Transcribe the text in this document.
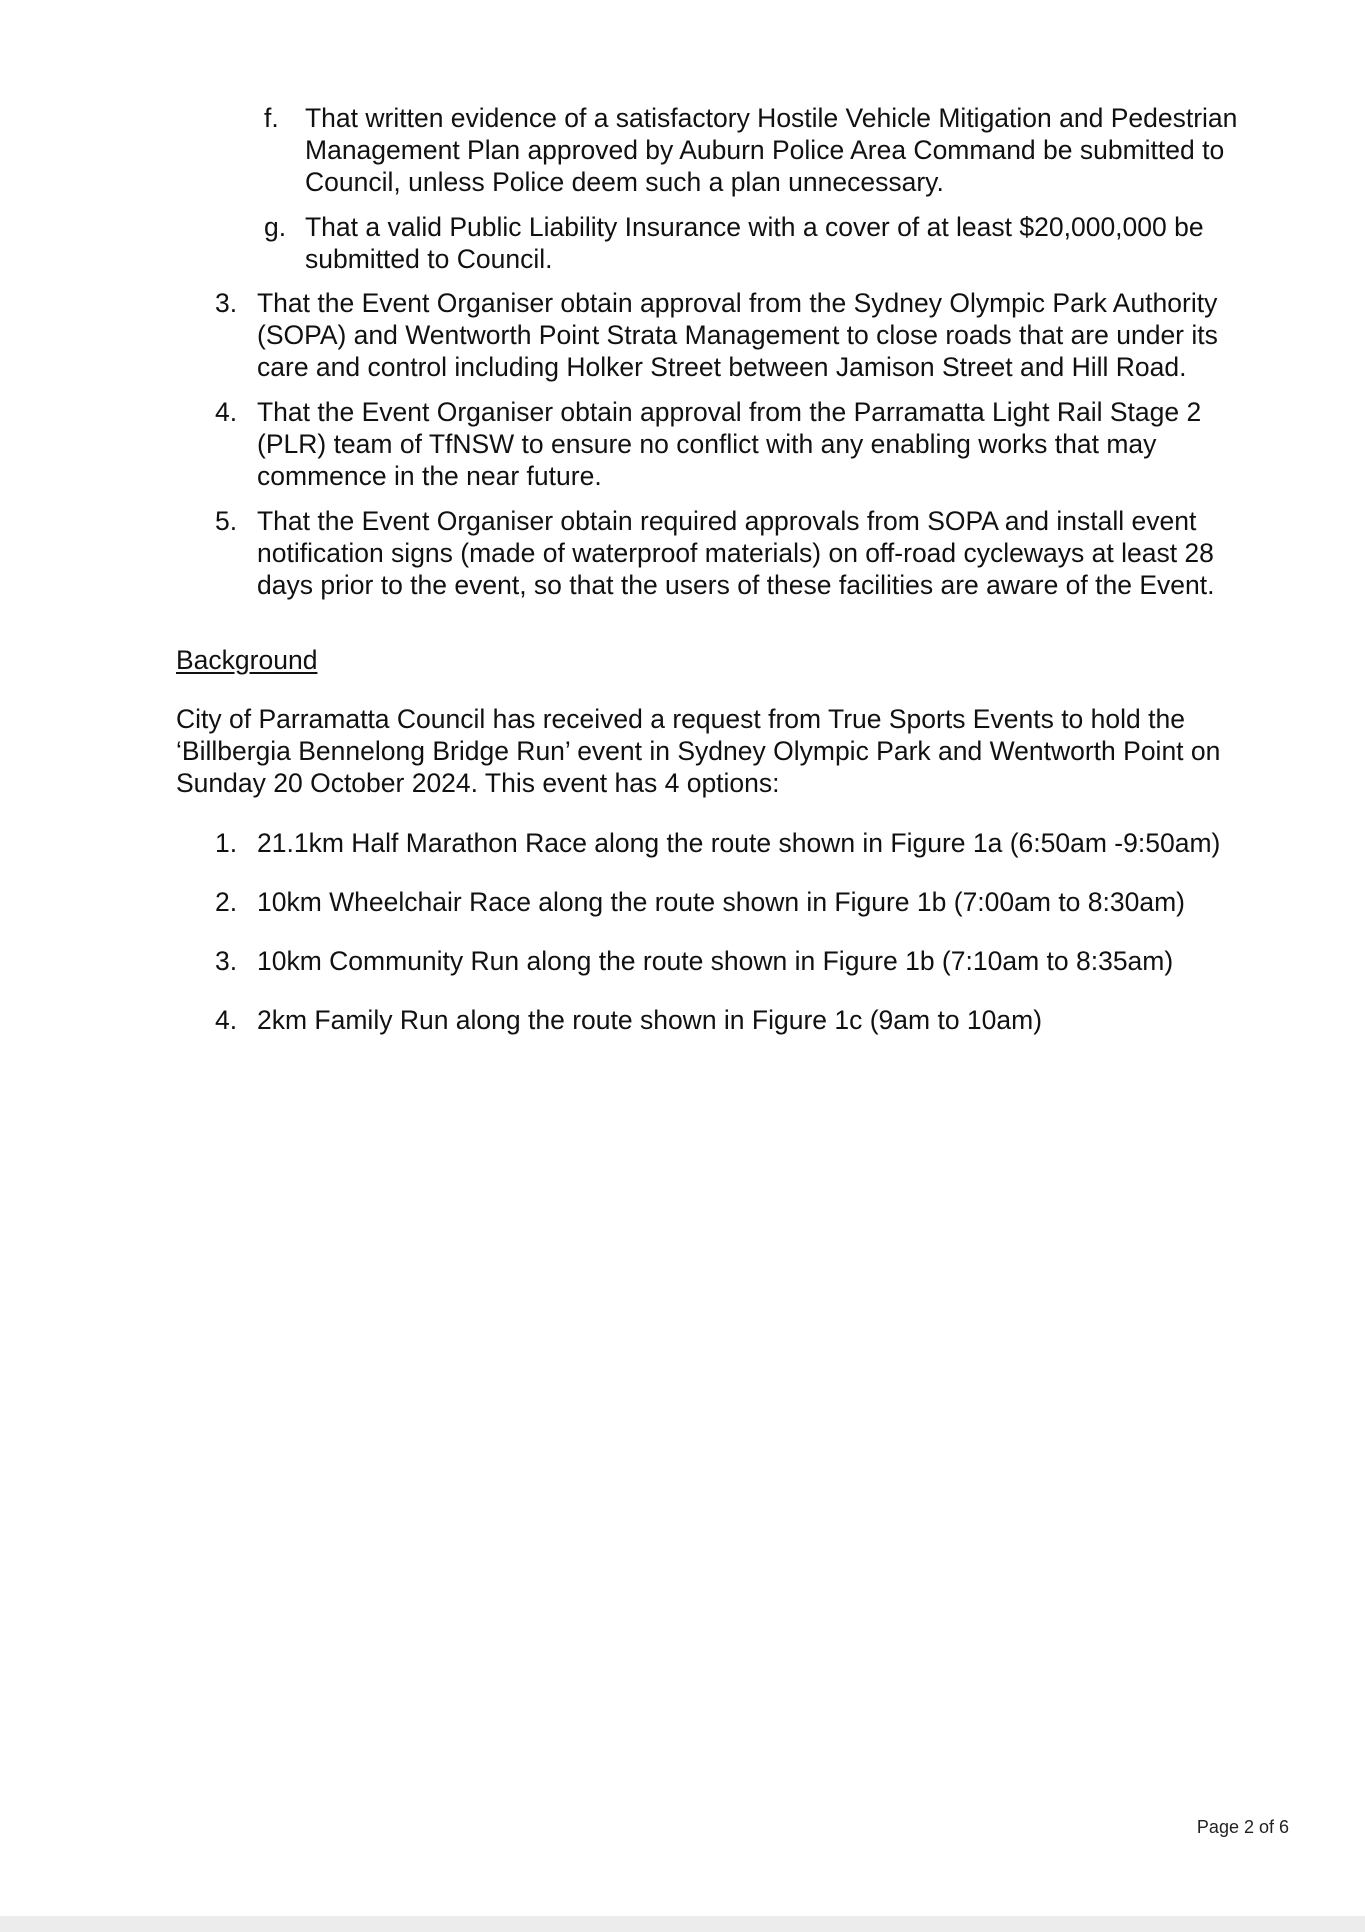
f. That written evidence of a satisfactory Hostile Vehicle Mitigation and Pedestrian
Management Plan approved by Auburn Police Area Command be submitted to
Council, unless Police deem such a plan unnecessary.
g. That a valid Public Liability Insurance with a cover of at least $20,000,000 be
submitted to Council.
3. That the Event Organiser obtain approval from the Sydney Olympic Park Authority
(SOPA) and Wentworth Point Strata Management to close roads that are under its
care and control including Holker Street between Jamison Street and Hill Road.
4. That the Event Organiser obtain approval from the Parramatta Light Rail Stage 2
(PLR) team of TfNSW to ensure no conflict with any enabling works that may
commence in the near future.
5. That the Event Organiser obtain required approvals from SOPA and install event
notification signs (made of waterproof materials) on off-road cycleways at least 28
days prior to the event, so that the users of these facilities are aware of the Event.
Background
City of Parramatta Council has received a request from True Sports Events to hold the
‘Billbergia Bennelong Bridge Run’ event in Sydney Olympic Park and Wentworth Point on
Sunday 20 October 2024. This event has 4 options:
1. 21.1km Half Marathon Race along the route shown in Figure 1a (6:50am -9:50am)
2. 10km Wheelchair Race along the route shown in Figure 1b (7:00am to 8:30am)
3. 10km Community Run along the route shown in Figure 1b (7:10am to 8:35am)
4. 2km Family Run along the route shown in Figure 1c (9am to 10am)
Page 2 of 6
